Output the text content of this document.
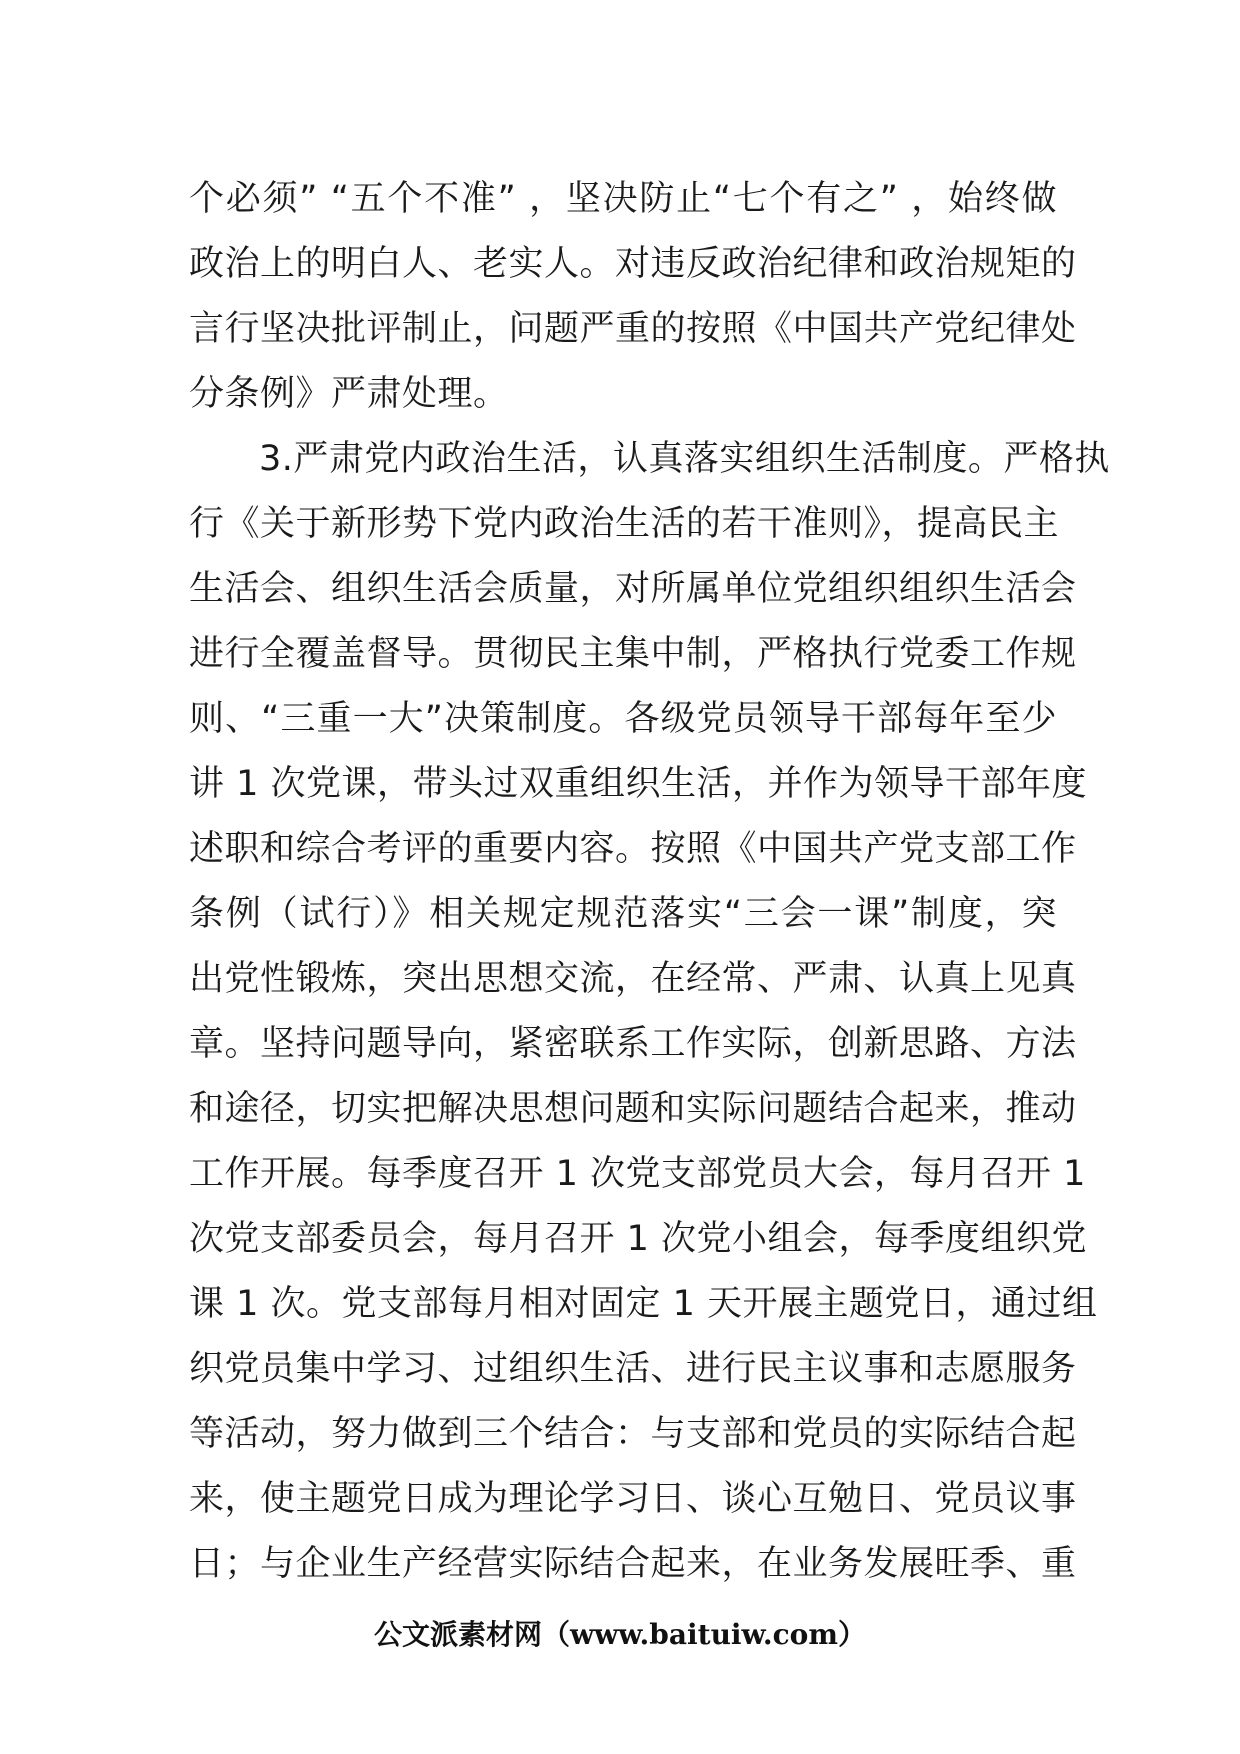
个必须” “五个不准” ，坚决防止“七个有之” ，始终做
政治上的明白人、老实人。对违反政治纪律和政治规矩的
言行坚决批评制止，问题严重的按照《中国共产党纪律处
分条例》严肃处理。
3.严肃党内政治生活，认真落实组织生活制度。严格执
行《关于新形势下党内政治生活的若干准则》，提高民主
生活会、组织生活会质量，对所属单位党组织组织生活会
进行全覆盖督导。贯彻民主集中制，严格执行党委工作规
则、“三重一大”决策制度。各级党员领导干部每年至少
讲 1 次党课，带头过双重组织生活，并作为领导干部年度
述职和综合考评的重要内容。按照《中国共产党支部工作
条例（试行）》相关规定规范落实“三会一课”制度，突
出党性锻炼，突出思想交流，在经常、严肃、认真上见真
章。坚持问题导向，紧密联系工作实际，创新思路、方法
和途径，切实把解决思想问题和实际问题结合起来，推动
工作开展。每季度召开 1 次党支部党员大会，每月召开 1
次党支部委员会，每月召开 1 次党小组会，每季度组织党
课 1 次。党支部每月相对固定 1 天开展主题党日，通过组
织党员集中学习、过组织生活、进行民主议事和志愿服务
等活动，努力做到三个结合：与支部和党员的实际结合起
来，使主题党日成为理论学习日、谈心互勉日、党员议事
日；与企业生产经营实际结合起来，在业务发展旺季、重
公文派素材网（www.baituiw.com）
